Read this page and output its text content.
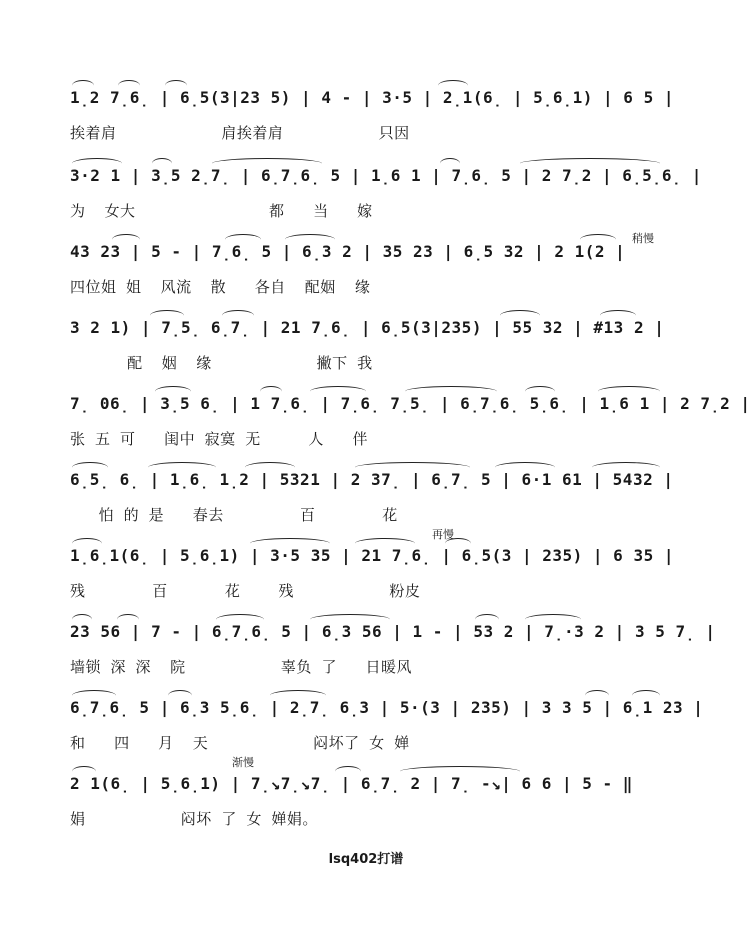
1̣2 7̣6̣ | 6̣5(3|23 5) | 4 - | 3·5 | 2̣1(6̣ | 5̣6̣1) | 6 5 |
挨着肩           肩挨着肩          只因
3·2 1 | 3̣5 2̣7̣ | 6̣7̣6̣ 5 | 1̣6 1 | 7̣6̣ 5 | 2 7̣2 | 6̣5̣6̣ |
为  女大              都   当   嫁
43 23 | 5 - | 7̣6̣ 5 | 6̣3 2 | 35 23 | 6̣5 32 | 2 1(2 |
四位姐 姐  风流  散   各自  配姻  缘
稍慢
3 2 1) | 7̣5̣ 6̣7̣ | 21 7̣6̣ | 6̣5(3|235) | 55 32 | #13 2 |
配  姻  缘           撇下 我
7̣ 06̣ | 3̣5 6̣ | 1 7̣6̣ | 7̣6̣ 7̣5̣ | 6̣7̣6̣ 5̣6̣ | 1̣6 1 | 2 7̣2 |
张 五 可   闺中 寂寞 无     人   伴
6̣5̣ 6̣ | 1̣6̣ 1̣2 | 5321 | 2 37̣ | 6̣7̣ 5 | 6·1 61 | 5432 |
怕 的 是   春去        百       花
1̣6̣1(6̣ | 5̣6̣1) | 3·5 35 | 21 7̣6̣ | 6̣5(3 | 235) | 6 35 |
残       百      花    残          粉皮
再慢
23 56 | 7 - | 6̣7̣6̣ 5 | 6̣3 56 | 1 - | 53 2 | 7̣·3 2 | 3 5 7̣ |
墙锁 深 深  院          辜负 了   日暖风
6̣7̣6̣ 5 | 6̣3 5̣6̣ | 2̣7̣ 6̣3 | 5·(3 | 235) | 3 3 5 | 6̣1 23 |
和   四   月  天           闷坏了 女 婵
2 1(6̣ | 5̣6̣1) | 7̣↘7̣↘7̣ | 6̣7̣ 2 | 7̣ -↘| 6 6 | 5 - ‖
娟          闷坏 了 女 婵娟。
渐慢
lsq402打谱
